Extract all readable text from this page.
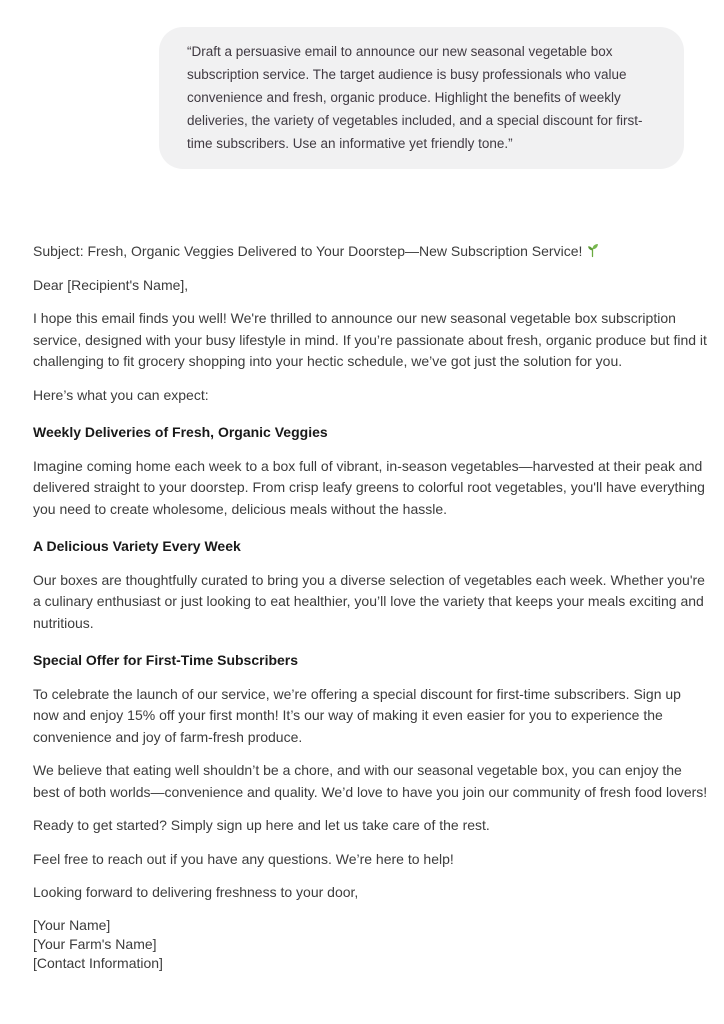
“Draft a persuasive email to announce our new seasonal vegetable box subscription service. The target audience is busy professionals who value convenience and fresh, organic produce. Highlight the benefits of weekly deliveries, the variety of vegetables included, and a special discount for first-time subscribers. Use an informative yet friendly tone.”

Subject: Fresh, Organic Veggies Delivered to Your Doorstep—New Subscription Service!

Dear [Recipient's Name],

I hope this email finds you well! We're thrilled to announce our new seasonal vegetable box subscription service, designed with your busy lifestyle in mind. If you’re passionate about fresh, organic produce but find it challenging to fit grocery shopping into your hectic schedule, we’ve got just the solution for you.

Here’s what you can expect:

Weekly Deliveries of Fresh, Organic Veggies

Imagine coming home each week to a box full of vibrant, in-season vegetables—harvested at their peak and delivered straight to your doorstep. From crisp leafy greens to colorful root vegetables, you'll have everything you need to create wholesome, delicious meals without the hassle.

A Delicious Variety Every Week

Our boxes are thoughtfully curated to bring you a diverse selection of vegetables each week. Whether you're a culinary enthusiast or just looking to eat healthier, you’ll love the variety that keeps your meals exciting and nutritious.

Special Offer for First-Time Subscribers

To celebrate the launch of our service, we’re offering a special discount for first-time subscribers. Sign up now and enjoy 15% off your first month! It’s our way of making it even easier for you to experience the convenience and joy of farm-fresh produce.

We believe that eating well shouldn’t be a chore, and with our seasonal vegetable box, you can enjoy the best of both worlds—convenience and quality. We’d love to have you join our community of fresh food lovers!

Ready to get started? Simply sign up here and let us take care of the rest.

Feel free to reach out if you have any questions. We’re here to help!

Looking forward to delivering freshness to your door,

[Your Name]
[Your Farm's Name]
[Contact Information]
